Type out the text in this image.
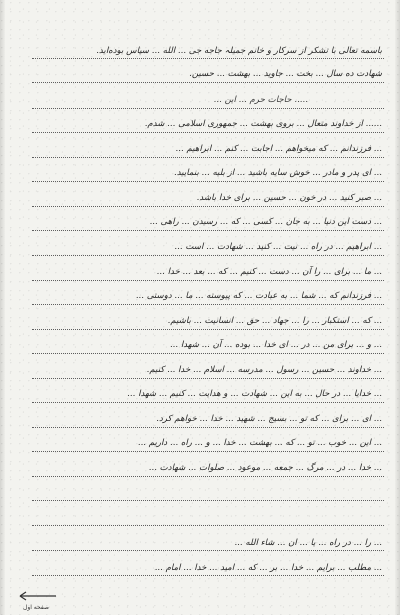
باسمه تعالی با تشکر از سرکار و خانم جمیلہ جاجه جی ... الله ... سپاس بوده‌اید.
شهادت ده سال ... بخت ... جاوید ... بهشت ... حسین.
..... حاجات حرم ... این ...
...... از خداوند متعال ... بروی بهشت ... جمهوری اسلامی ... شدم.
... فرزندانم ... که میخواهم ... اجابت ... کنم ... ابراهیم ...
... ای پدر و مادر ... خوش سایه باشید ... از بلیه ... بنمایید.
... صبر کنید ... در خون ... حسین ... برای خدا باشد.
... دست این دنیا ... به جان ... کسی ... که ... رسیدن ... راهی ...
... ابراهیم ... در راه ... نیت ... کنید ... شهادت ... است ...
... ما ... برای ... را آن ... دست ... کنیم ... که ... بعد ... خدا ...
... فرزندانم که ... شما ... به عبادت ... که پیوسته ... ما ... دوستی ...
... که ... استکبار ... را ... جهاد ... حق ... انسانیت ... باشیم.
... و ... برای من ... در ... ای خدا ... بوده ... آن ... شهدا ...
... خداوند ... حسین ... رسول ... مدرسه ... اسلام ... خدا ... کنیم.
... خدایا ... در حال ... به این ... شهادت ... و هدایت ... کنیم ... شهدا ...
... ای ... برای ... که تو ... بسیج ... شهید ... خدا ... خواهم کرد.
... این ... خوب ... تو ... که ... بهشت ... خدا ... و ... راه ... داریم ...
... خدا ... در ... مرگ ... جمعه ... موعود ... صلوات ... شهادت ...
... را ... در راه ... یا ... ان ... شاء الله ...
... مطلب ... برایم ... خدا ... بر ... که ... امید ... خدا ... امام ...
صفحه اول
